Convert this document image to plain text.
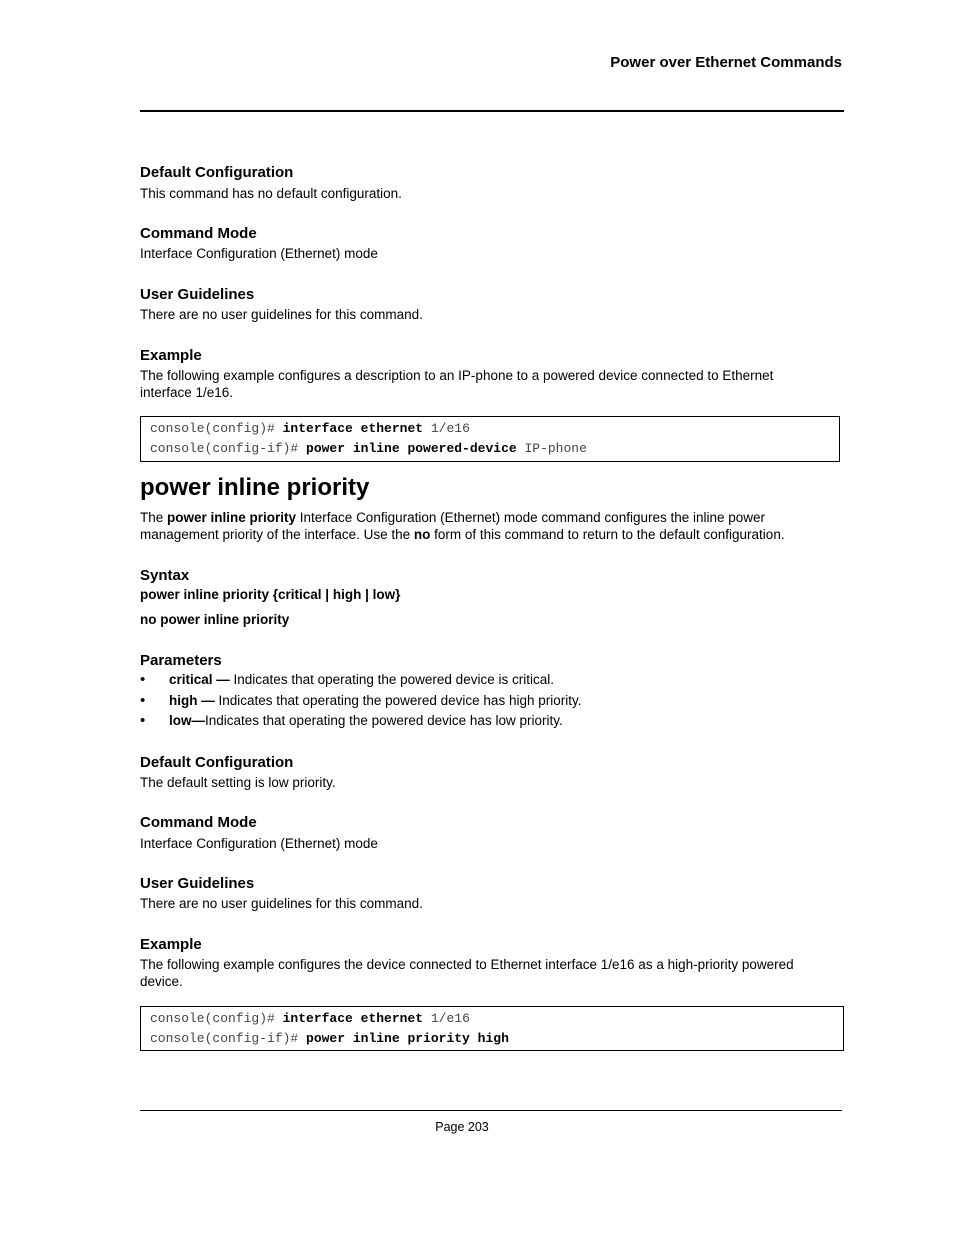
Power over Ethernet Commands
Default Configuration
This command has no default configuration.
Command Mode
Interface Configuration (Ethernet) mode
User Guidelines
There are no user guidelines for this command.
Example
The following example configures a description to an IP-phone to a powered device connected to Ethernet
interface 1/e16.
console(config)# interface ethernet 1/e16
console(config-if)# power inline powered-device IP-phone
power inline priority
The power inline priority Interface Configuration (Ethernet) mode command configures the inline power
management priority of the interface. Use the no form of this command to return to the default configuration.
Syntax
power inline priority {critical | high | low}
no power inline priority
Parameters
• critical — Indicates that operating the powered device is critical.
• high — Indicates that operating the powered device has high priority.
• low—Indicates that operating the powered device has low priority.
Default Configuration
The default setting is low priority.
Command Mode
Interface Configuration (Ethernet) mode
User Guidelines
There are no user guidelines for this command.
Example
The following example configures the device connected to Ethernet interface 1/e16 as a high-priority powered
device.
console(config)# interface ethernet 1/e16
console(config-if)# power inline priority high
Page 203
